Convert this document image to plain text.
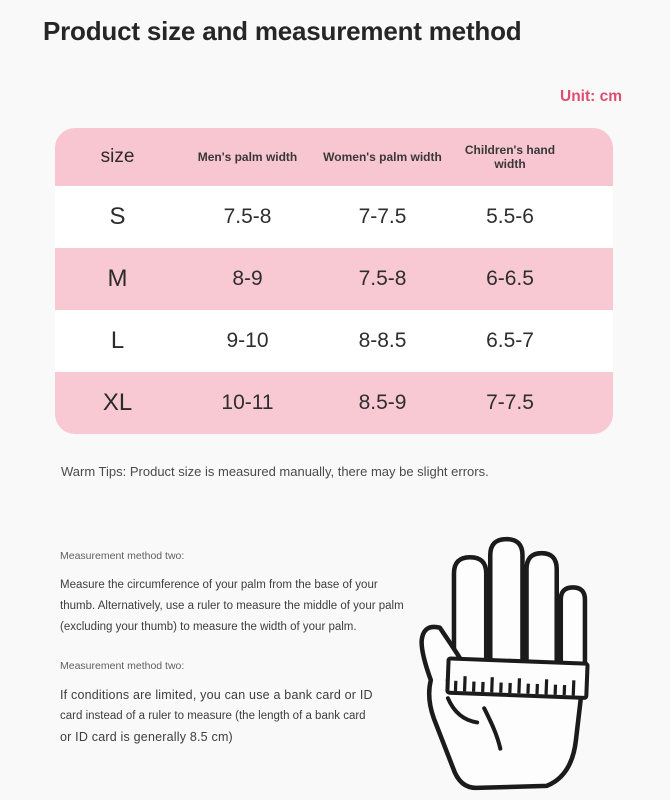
Product size and measurement method
Unit: cm
size	Men's palm width	Women's palm width	Children's hand width
S	7.5-8	7-7.5	5.5-6
M	8-9	7.5-8	6-6.5
L	9-10	8-8.5	6.5-7
XL	10-11	8.5-9	7-7.5
Warm Tips: Product size is measured manually, there may be slight errors.
Measurement method two:
Measure the circumference of your palm from the base of your
thumb. Alternatively, use a ruler to measure the middle of your palm
(excluding your thumb) to measure the width of your palm.
Measurement method two:
If conditions are limited, you can use a bank card or ID
card instead of a ruler to measure (the length of a bank card
or ID card is generally 8.5 cm)
